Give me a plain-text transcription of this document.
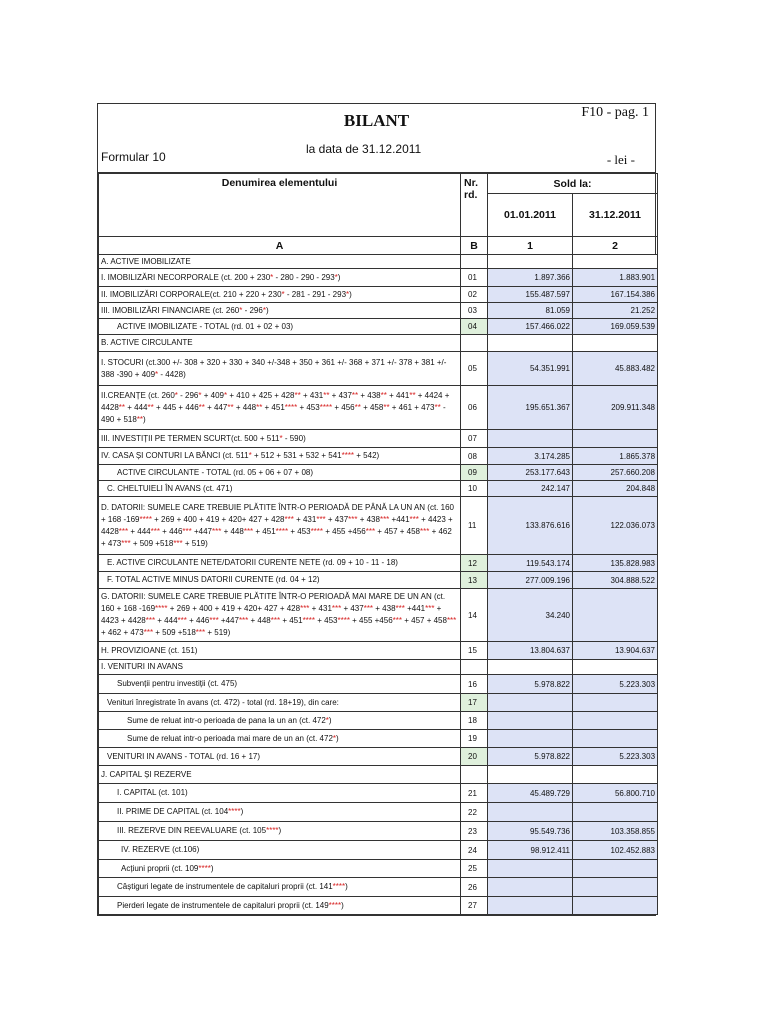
BILANT
la data de 31.12.2011
Formular 10
F10 - pag. 1
- lei -
Denumirea elementului	Nr. rd.	Sold la:	
		01.01.2011	31.12.2011
A	B	1	2
A. ACTIVE IMOBILIZATE			
I. IMOBILIZĂRI NECORPORALE (ct. 200 + 230* - 280 - 290 - 293*)	01	1.897.366	1.883.901
II. IMOBILIZĂRI CORPORALE(ct. 210 + 220 + 230* - 281 - 291 - 293*)	02	155.487.597	167.154.386
III. IMOBILIZĂRI FINANCIARE (ct. 260* - 296*)	03	81.059	21.252
ACTIVE IMOBILIZATE - TOTAL (rd. 01 + 02 + 03)	04	157.466.022	169.059.539
B. ACTIVE CIRCULANTE			
I. STOCURI (ct.300 +/- 308 + 320 + 330 + 340 +/-348 + 350 + 361 +/- 368 + 371 +/- 378 + 381 +/- 388 -390 + 409* - 4428)	05	54.351.991	45.883.482
II.CREANȚE (ct. 260* - 296* + 409* + 410 + 425 + 428** + 431** + 437** + 438** + 441** + 4424 + 4428** + 444** + 445 + 446** + 447** + 448** + 451**** + 453**** + 456** + 458** + 461 + 473** - 490 + 518**)	06	195.651.367	209.911.348
III. INVESTIȚII PE TERMEN SCURT(ct. 500 + 511* - 590)	07		
IV. CASA ȘI CONTURI LA BĂNCI (ct. 511* + 512 + 531 + 532 + 541**** + 542)	08	3.174.285	1.865.378
ACTIVE CIRCULANTE - TOTAL (rd. 05 + 06 + 07 + 08)	09	253.177.643	257.660.208
C. CHELTUIELI ÎN AVANS (ct. 471)	10	242.147	204.848
D. DATORII: SUMELE CARE TREBUIE PLĂTITE ÎNTR-O PERIOADĂ DE PÂNĂ LA UN AN (ct. 160 + 168 -169**** + 269 + 400 + 419 + 420+ 427 + 428*** + 431*** + 437*** + 438*** +441*** + 4423 + 4428*** + 444*** + 446*** +447*** + 448*** + 451**** + 453**** + 455 +456*** + 457 + 458*** + 462 + 473*** + 509 +518*** + 519)	11	133.876.616	122.036.073
E. ACTIVE CIRCULANTE NETE/DATORII CURENTE NETE (rd. 09 + 10 - 11 - 18)	12	119.543.174	135.828.983
F. TOTAL ACTIVE MINUS DATORII CURENTE (rd. 04 + 12)	13	277.009.196	304.888.522
G. DATORII: SUMELE CARE TREBUIE PLĂTITE ÎNTR-O PERIOADĂ MAI MARE DE UN AN (ct. 160 + 168 -169**** + 269 + 400 + 419 + 420+ 427 + 428*** + 431*** + 437*** + 438*** +441*** + 4423 + 4428*** + 444*** + 446*** +447*** + 448*** + 451**** + 453**** + 455 +456*** + 457 + 458*** + 462 + 473*** + 509 +518*** + 519)	14	34.240	
H. PROVIZIOANE (ct. 151)	15	13.804.637	13.904.637
I. VENITURI IN AVANS			
Subvenții pentru investiții (ct. 475)	16	5.978.822	5.223.303
Venituri înregistrate în avans (ct. 472) - total (rd. 18+19), din care:	17		
Sume de reluat intr-o perioada de pana la un an (ct. 472*)	18		
Sume de reluat intr-o perioada mai mare de un an (ct. 472*)	19		
VENITURI IN AVANS - TOTAL (rd. 16 + 17)	20	5.978.822	5.223.303
J. CAPITAL ȘI REZERVE			
I. CAPITAL (ct. 101)	21	45.489.729	56.800.710
II. PRIME DE CAPITAL (ct. 104****)	22		
III. REZERVE DIN REEVALUARE (ct. 105****)	23	95.549.736	103.358.855
IV. REZERVE (ct.106)	24	98.912.411	102.452.883
Acțiuni proprii (ct. 109****)	25		
Câștiguri legate de instrumentele de capitaluri proprii (ct. 141****)	26		
Pierderi legate de instrumentele de capitaluri proprii (ct. 149****)	27		
